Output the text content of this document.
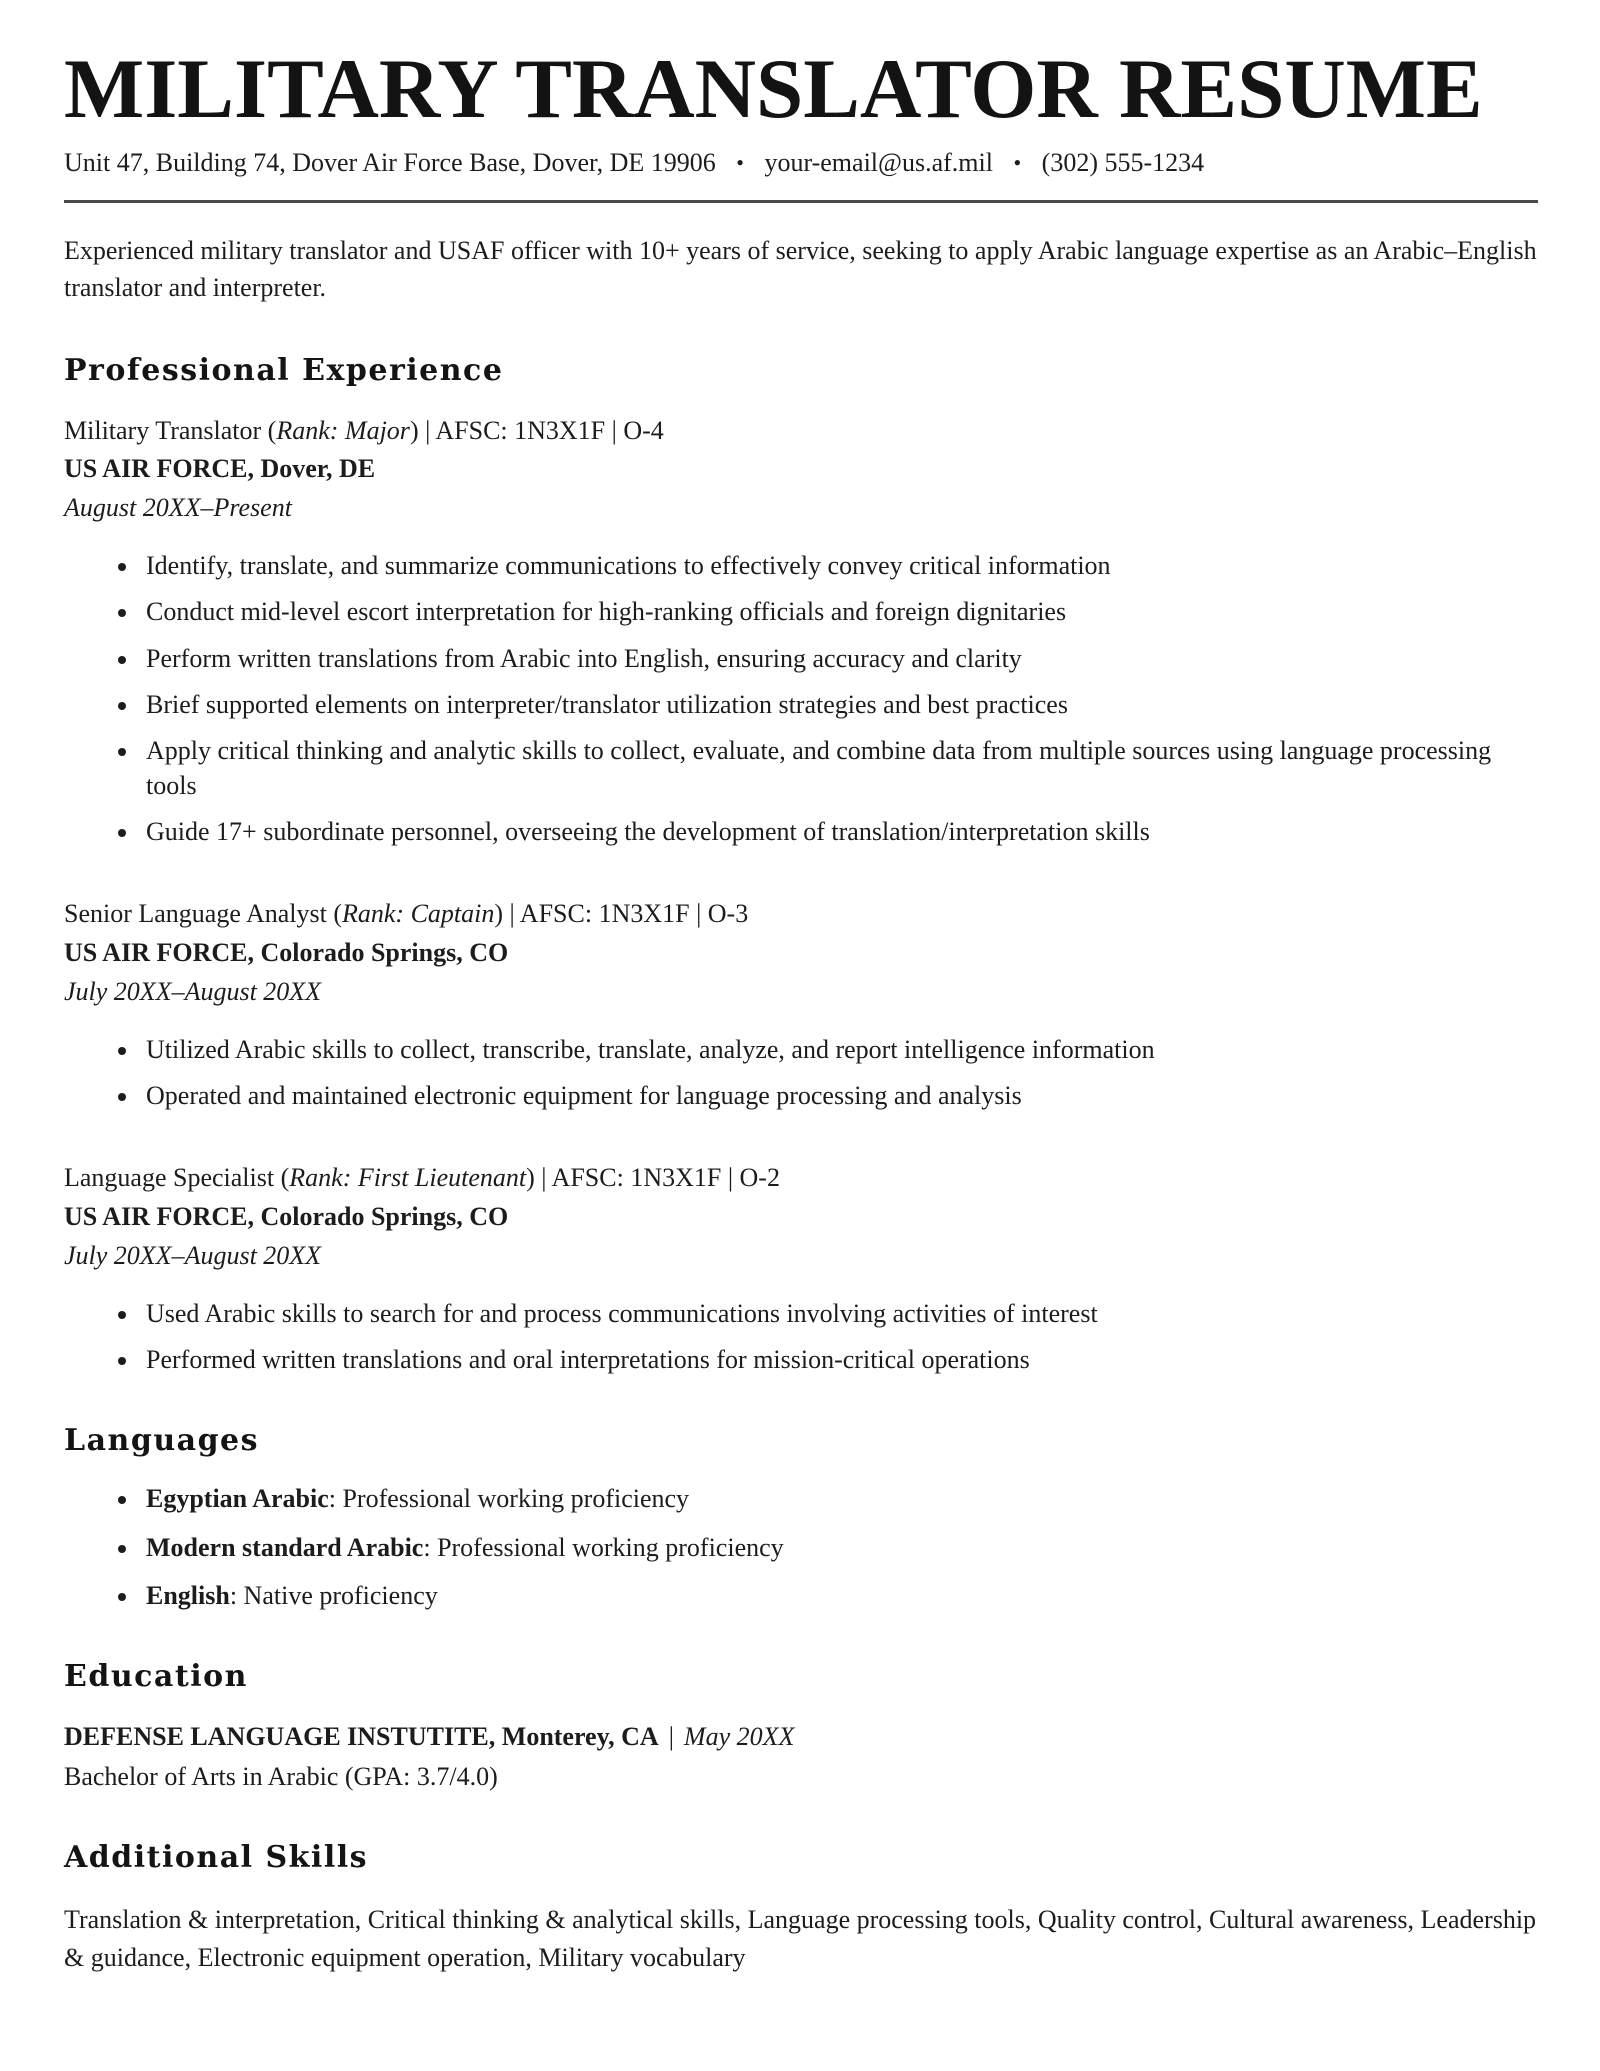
MILITARY TRANSLATOR RESUME

Unit 47, Building 74, Dover Air Force Base, Dover, DE 19906 • your-email@us.af.mil • (302) 555-1234

Experienced military translator and USAF officer with 10+ years of service, seeking to apply Arabic language expertise as an Arabic–English translator and interpreter.

Professional Experience

Military Translator (Rank: Major) | AFSC: 1N3X1F | O-4

US AIR FORCE, Dover, DE

August 20XX–Present

• Identify, translate, and summarize communications to effectively convey critical information
• Conduct mid-level escort interpretation for high-ranking officials and foreign dignitaries
• Perform written translations from Arabic into English, ensuring accuracy and clarity
• Brief supported elements on interpreter/translator utilization strategies and best practices
• Apply critical thinking and analytic skills to collect, evaluate, and combine data from multiple sources using language processing tools
• Guide 17+ subordinate personnel, overseeing the development of translation/interpretation skills

Senior Language Analyst (Rank: Captain) | AFSC: 1N3X1F | O-3

US AIR FORCE, Colorado Springs, CO

July 20XX–August 20XX

• Utilized Arabic skills to collect, transcribe, translate, analyze, and report intelligence information
• Operated and maintained electronic equipment for language processing and analysis

Language Specialist (Rank: First Lieutenant) | AFSC: 1N3X1F | O-2

US AIR FORCE, Colorado Springs, CO

July 20XX–August 20XX

• Used Arabic skills to search for and process communications involving activities of interest
• Performed written translations and oral interpretations for mission-critical operations
Languages
• Egyptian Arabic: Professional working proficiency
• Modern standard Arabic: Professional working proficiency
• English: Native proficiency
Education

DEFENSE LANGUAGE INSTUTITE, Monterey, CA | May 20XX

Bachelor of Arts in Arabic (GPA: 3.7/4.0)

Additional Skills

Translation & interpretation, Critical thinking & analytical skills, Language processing tools, Quality control, Cultural awareness, Leadership & guidance, Electronic equipment operation, Military vocabulary
